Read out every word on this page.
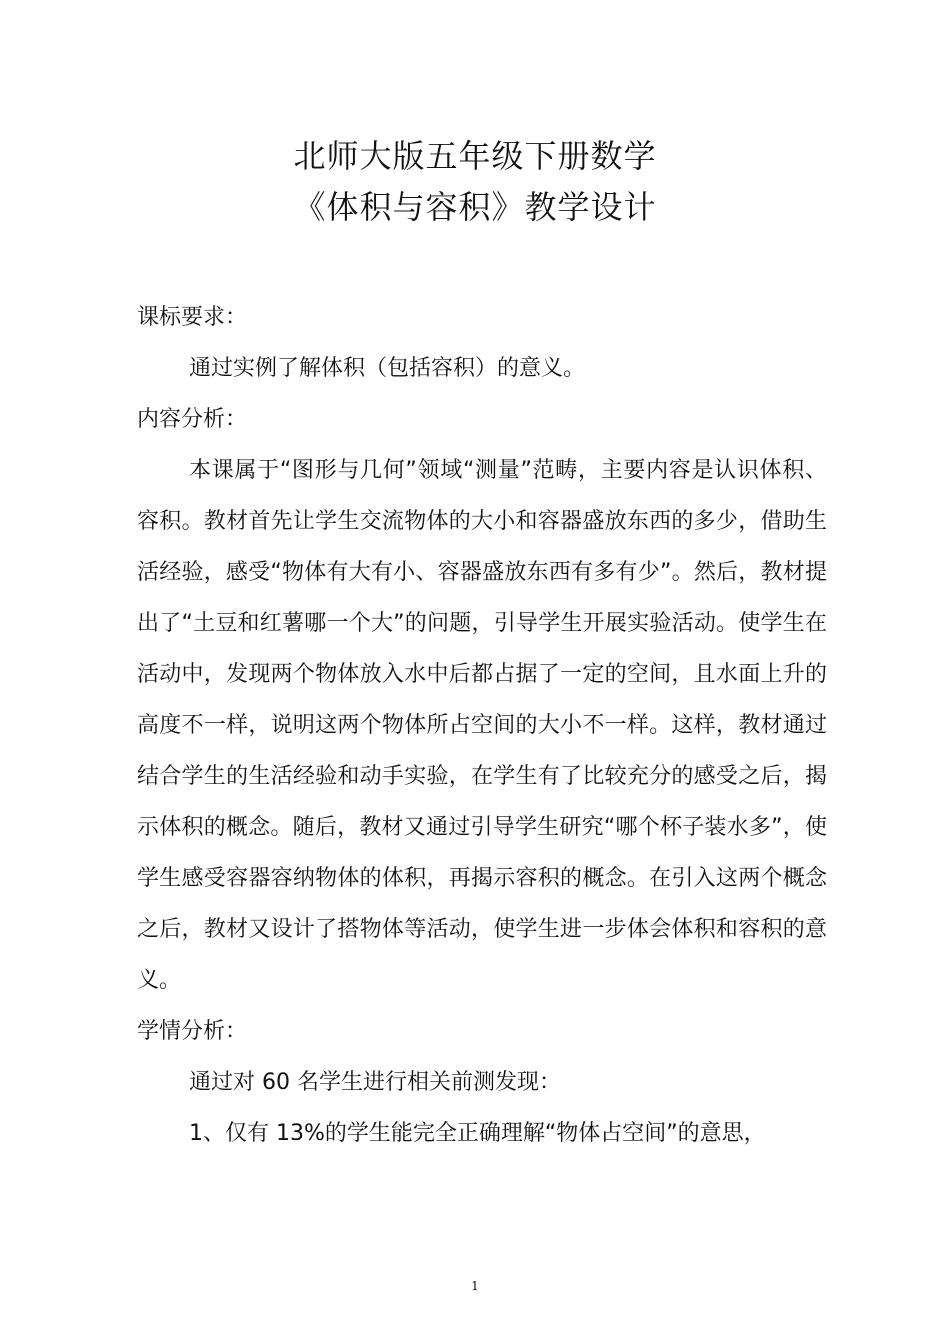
北师大版五年级下册数学
《体积与容积》教学设计

课标要求：

通过实例了解体积（包括容积）的意义。

内容分析：

本课属于“图形与几何”领域“测量”范畴，主要内容是认识体积、容积。教材首先让学生交流物体的大小和容器盛放东西的多少，借助生活经验，感受“物体有大有小、容器盛放东西有多有少”。然后，教材提出了“土豆和红薯哪一个大”的问题，引导学生开展实验活动。使学生在活动中，发现两个物体放入水中后都占据了一定的空间，且水面上升的高度不一样，说明这两个物体所占空间的大小不一样。这样，教材通过结合学生的生活经验和动手实验，在学生有了比较充分的感受之后，揭示体积的概念。随后，教材又通过引导学生研究“哪个杯子装水多”，使学生感受容器容纳物体的体积，再揭示容积的概念。在引入这两个概念之后，教材又设计了搭物体等活动，使学生进一步体会体积和容积的意义。

学情分析：

通过对 60 名学生进行相关前测发现：

1、仅有 13%的学生能完全正确理解“物体占空间”的意思，

1
